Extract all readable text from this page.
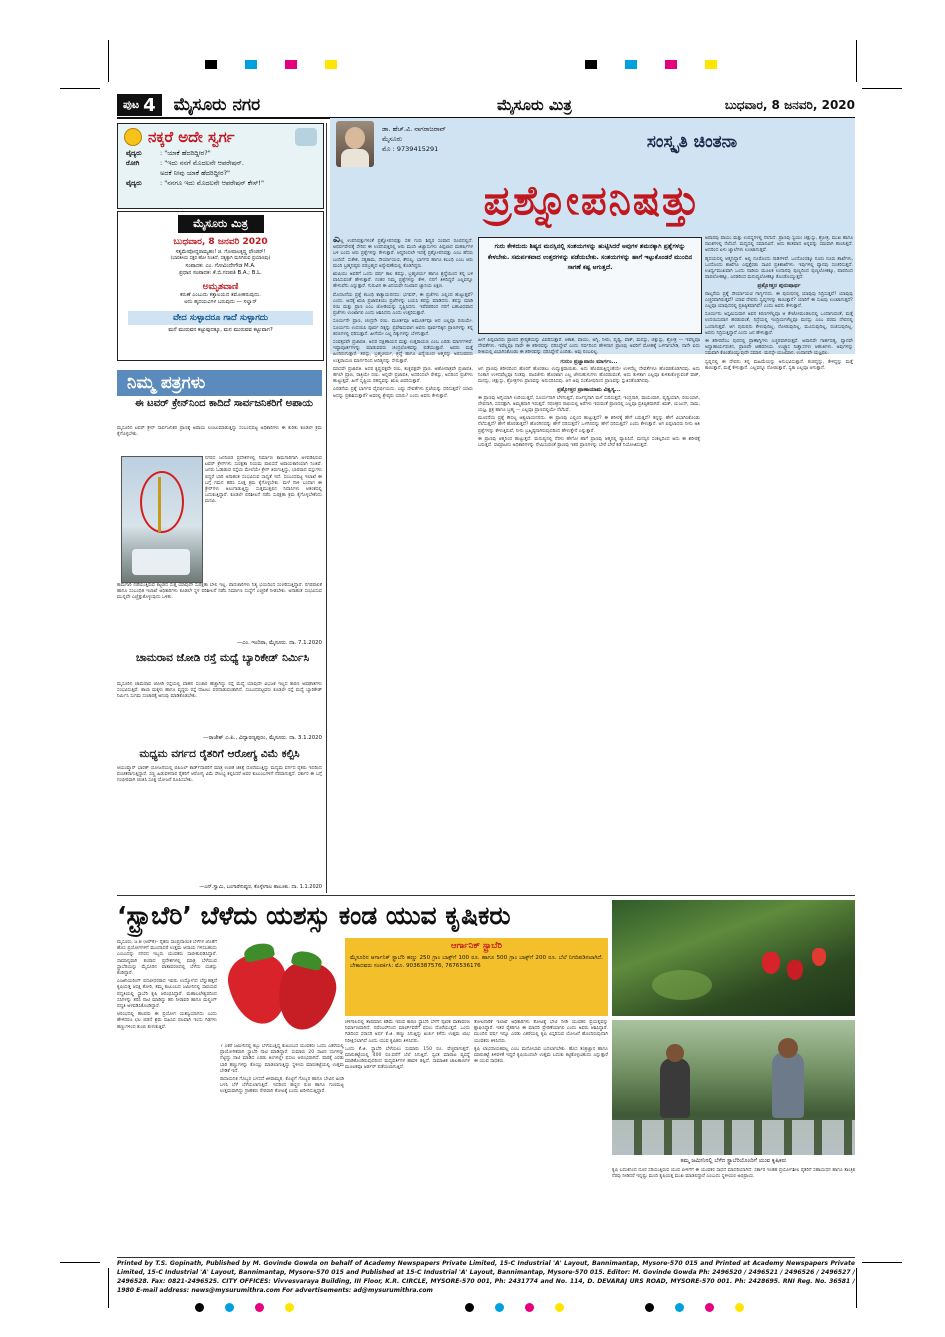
ಪುಟ 4 ಮೈಸೂರು ನಗರ	ಮೈಸೂರು ಮಿತ್ರ	ಬುಧವಾರ, 8 ಜನವರಿ, 2020
ನಕ್ಕರೆ ಅದೇ ಸ್ವರ್ಗ
ವೈದ್ಯರು	: "ಯಾಕೆ ಹೆದರಿದ್ದೀರ?"
ರೋಗಿ	: "ಇದು ನನಗೆ ಮೊದಲನೇ ಆಪರೇಷನ್.
ಅದಕೆ ನೀವು ಯಾಕೆ ಹೆದರಿದ್ದೀರ?"
ವೈದ್ಯರು	: "ನನಗೂ ಇದು ಮೊದಲನೇ ಆಪರೇಷನ್ ಕೇಸ್!"
ಮೈಸೂರು ಮಿತ್ರ
ಬುಧವಾರ, 8 ಜನವರಿ 2020
ಸತ್ಯಮೇವೋದ್ಧರಾಮ್ಯಹಂ! ಜಿ. ಗೋಪಾಲಕೃಷ್ಣ ಫೌಂಡರ್!
(ಭಾರತೀಯ ಸಕ್ತರ ಹೋ ನಿಂತಿದೆ, ಸತ್ಯಕ್ಕಾಗಿ ಮನಿಗಿರುವ ಪ್ರಯಾಣವು)
ಸಂಪಾದಕ: ಎಂ. ಗೋವಿಂದೇಗೌಡ M.A.
ಪ್ರಧಾನ ಸಂಪಾದಕ: ಕೆ.ಬಿ.ಗಣಪತಿ B.A.; B.L.
ಅಮೃತವಾಣಿ
ಕರುಣೆ ಎಂಬುದು ಕತ್ತಾಲಯದ ತಮೋಹರುವುದು.
ಅದು ಹೃದಯವಿಗಳ ಬರುವುದು — ಸಲ್ವಾನ್
ವೇದ ಸುಳ್ಳಾದರೂ ಗಾದೆ ಸುಳ್ಳಾಗದು
ಮನೆ ಮುರುವನ ಕಟ್ಟುವುದಕ್ಕೂ, ಮನ ಮುರುವವ ಕಟ್ಟುವಾಗ?
ನಿಮ್ಮ ಪತ್ರಗಳು
ಈ ಟವರ್ ಕ್ರೇನ್‌ನಿಂದ ಕಾದಿದೆ ಸಾರ್ವಜನಿಕರಿಗೆ ಅಪಾಯ

ಮೈಸೂರಿನ ಟವರ್ ಕ್ರೇನ್ ಸಾರ್ವಜನಿಕರ ಪ್ರಾಣಕ್ಕೆ ಅಪಾಯ ಉಂಟುಮಾಡುತ್ತಿದ್ದು ಸಂಬಂಧಪಟ್ಟ ಅಧಿಕಾರಿಗಳು ಈ ಕುರಿತು ಕೂಡಲೇ ಕ್ರಮ ಕೈಗೊಳ್ಳಬೇಕು.

ನಗರದ ಜನನಿಬಿಡ ಪ್ರದೇಶಗಳಲ್ಲಿ ನಿರ್ಮಾಣ ಕಾಮಗಾರಿಗಾಗಿ ಅಳವಡಿಸಿರುವ ಟವರ್ ಕ್ರೇನ್‌ಗಳು ಸುರಕ್ಷತಾ ನಿಯಮ ಪಾಲಿಸದೆ ಅಪಾಯಕಾರಿಯಾಗಿ ನಿಂತಿವೆ. ಜನರು ಓಡಾಡುವ ರಸ್ತೆಯ ಮೇಲೆಯೇ ಕ್ರೇನ್ ತಿರುಗುತ್ತಿದ್ದು, ಭಾರವಾದ ವಸ್ತುಗಳು ಬಿದ್ದರೆ ಭಾರಿ ಅನಾಹುತ ಸಂಭವಿಸುವ ಸಾಧ್ಯತೆ ಇದೆ. ಸಂಬಂಧಪಟ್ಟ ಇಲಾಖೆ ಈ ಬಗ್ಗೆ ಗಮನ ಹರಿಸಿ ಸೂಕ್ತ ಕ್ರಮ ಕೈಗೊಳ್ಳಬೇಕು. ಮಳೆ ಗಾಳಿ ಬಂದಾಗ ಈ ಕ್ರೇನ್‌ಗಳು ಅಲುಗಾಡುತ್ತಿದ್ದು ಸುತ್ತಮುತ್ತಲಿನ ನಿವಾಸಿಗಳು ಆತಂಕದಲ್ಲಿ ಬದುಕುತ್ತಿದ್ದಾರೆ. ಕೂಡಲೇ ಪರಿಶೀಲನೆ ನಡೆಸಿ ಸುರಕ್ಷತಾ ಕ್ರಮ ಕೈಗೊಳ್ಳಬೇಕೆಂದು ಮನವಿ.

ಕಾಮಗಾರಿ ನಡೆಯುತ್ತಿರುವ ಕಟ್ಟಡದ ಸುತ್ತ ಯಾವುದೇ ಸುರಕ್ಷತಾ ಬೇಲಿ ಇಲ್ಲ. ಪಾದಚಾರಿಗಳು ನಿತ್ಯ ಭಯದಿಂದ ಸಂಚರಿಸುತ್ತಿದ್ದಾರೆ. ನಗರಪಾಲಿಕೆ ಹಾಗೂ ಸಂಬಂಧಿತ ಇಲಾಖೆ ಅಧಿಕಾರಿಗಳು ಕೂಡಲೇ ಸ್ಥಳ ಪರಿಶೀಲನೆ ನಡೆಸಿ ನಿರ್ಮಾಣ ಸಂಸ್ಥೆಗೆ ಎಚ್ಚರಿಕೆ ನೀಡಬೇಕು. ಅನಾಹುತ ಸಂಭವಿಸುವ ಮುನ್ನವೇ ಎಚ್ಚೆತ್ತುಕೊಳ್ಳುವುದು ಒಳಿತು.

—ಎಂ. ಇಂದಿರಾ, ಮೈಸೂರು. ದಾ. 7.1.2020
ಚಾಮರಾವ ಜೋಡಿ ರಸ್ತೆ ಮಧ್ಯೆ ಬ್ಯಾರಿಕೇಡ್ ನಿರ್ಮಿಸಿ

ಮೈಸೂರಿನ ಚಾಮರಾವ ಜೋಡಿ ರಸ್ತೆಯಲ್ಲಿ ವಾಹನ ಸಂಚಾರ ಹೆಚ್ಚಾಗಿದ್ದು ರಸ್ತೆ ಮಧ್ಯೆ ಯಾವುದೇ ವಿಭಜಕ ಇಲ್ಲದ ಕಾರಣ ಅಪಘಾತಗಳು ಸಂಭವಿಸುತ್ತಿವೆ. ಶಾಲಾ ಮಕ್ಕಳು ಹಾಗೂ ವೃದ್ಧರು ರಸ್ತೆ ದಾಟಲು ಪರದಾಡುವಂತಾಗಿದೆ. ಸಂಬಂಧಪಟ್ಟವರು ಕೂಡಲೇ ರಸ್ತೆ ಮಧ್ಯೆ ಬ್ಯಾರಿಕೇಡ್ ನಿರ್ಮಿಸಿ ಸುಗಮ ಸಂಚಾರಕ್ಕೆ ಅನುವು ಮಾಡಿಕೊಡಬೇಕು.

—ರಾಜೇಶ್ ಎ.ಪಿ., ವಿದ್ಯಾರಣ್ಯಪುರಂ, ಮೈಸೂರು. ದಾ. 3.1.2020
ಮಧ್ಯಮ ವರ್ಗದ ರೈತರಿಗೆ ಆರೋಗ್ಯ ವಿಮೆ ಕಲ್ಪಿಸಿ

ಆಯುಷ್ಮಾನ್ ಭಾರತ್ ಯೋಜನೆಯಲ್ಲಿ ಬಿಪಿಎಲ್ ಕಾರ್ಡ್‌ದಾರರಿಗೆ ಮಾತ್ರ ಉಚಿತ ಚಿಕಿತ್ಸೆ ದೊರೆಯುತ್ತಿದ್ದು ಮಧ್ಯಮ ವರ್ಗದ ರೈತರು ಇದರಿಂದ ವಂಚಿತರಾಗುತ್ತಿದ್ದಾರೆ. ಸಣ್ಣ ಹಿಡುವಳಿದಾರ ರೈತರಿಗೆ ಆರೋಗ್ಯ ವಿಮೆ ಸೌಲಭ್ಯ ಕಲ್ಪಿಸಿದರೆ ಅವರ ಕುಟುಂಬಗಳಿಗೆ ನೆರವಾಗುತ್ತದೆ. ಸರ್ಕಾರ ಈ ಬಗ್ಗೆ ಗಂಭೀರವಾಗಿ ಚಿಂತಿಸಿ ಸೂಕ್ತ ಯೋಜನೆ ರೂಪಿಸಬೇಕು.

—ಎನ್.ಸ್ವಾಮಿ, ಬಂಗಾರೇನಿಪ್ಪುರ, ಕೊಳ್ಳೇಗಾಲ ತಾಲೂಕು. ದಾ. 1.1.2020
ಡಾ. ಹೆಚ್.ವಿ. ನಾಗರಾಜರಾವ್
ಮೈಸೂರು
ಮೊ : 9739415291	ಸಂಸ್ಕೃತಿ ಚಿಂತನಾ
ಪ್ರಶ್ನೋಪನಿಷತ್ತು

ಎಲ್ಲ ಉಪನಿಷತ್ತುಗಳಂತೆ ಪ್ರಶ್ನೋಪನಿಷತ್ತು ಸಹ ಗುರು ಶಿಷ್ಯರ ಸಂವಾದ ರೂಪದಲ್ಲಿದೆ. ಅಥರ್ವವೇದಕ್ಕೆ ಸೇರಿದ ಈ ಉಪನಿಷತ್ತಿನಲ್ಲಿ ಆರು ಮಂದಿ ಜಿಜ್ಞಾಸುಗಳು ಪಿಪ್ಪಲಾದ ಮಹರ್ಷಿಗಳ ಬಳಿ ಬಂದು ಆರು ಪ್ರಶ್ನೆಗಳನ್ನು ಕೇಳುತ್ತಾರೆ. ಆದ್ದರಿಂದಲೇ ಇದಕ್ಕೆ ಪ್ರಶ್ನೋಪನಿಷತ್ತು ಎಂಬ ಹೆಸರು ಬಂದಿದೆ. ಸುಕೇಶ, ಸತ್ಯಕಾಮ, ಸೌರ್ಯಾಯಣಿ, ಕೌಸಲ್ಯ, ಭಾರ್ಗವ ಹಾಗೂ ಕಬಂಧಿ ಎಂಬ ಆರು ಮಂದಿ ಬ್ರಹ್ಮನಿಷ್ಠರು ಪರಬ್ರಹ್ಮದ ಅನ್ವೇಷಣೆಯಲ್ಲಿ ತೊಡಗಿದ್ದರು.

ಋಷಿಯು ಅವರಿಗೆ ಒಂದು ವರ್ಷ ಕಾಲ ತಪಸ್ಸು, ಬ್ರಹ್ಮಚರ್ಯ ಹಾಗೂ ಶ್ರದ್ಧೆಯಿಂದ ತನ್ನ ಬಳಿ ವಾಸಿಸುವಂತೆ ಹೇಳುತ್ತಾರೆ. ನಂತರ ನಿಮ್ಮ ಪ್ರಶ್ನೆಗಳನ್ನು ಕೇಳಿ, ನನಗೆ ತಿಳಿದಿದ್ದರೆ ಎಲ್ಲವನ್ನೂ ಹೇಳುವೆನು ಎನ್ನುತ್ತಾರೆ. ಗುರುವಿನ ಈ ವಿನಯವೇ ನಿಜವಾದ ಜ್ಞಾನಿಯ ಲಕ್ಷಣ.

ಮೊದಲನೆಯ ಪ್ರಶ್ನೆ ಕಬಂಧಿ ಕಾತ್ಯಾಯನನದು: ಭಗವನ್, ಈ ಪ್ರಜೆಗಳು ಎಲ್ಲಿಂದ ಹುಟ್ಟುತ್ತವೆ? ಎಂದು. ಅದಕ್ಕೆ ಋಷಿ ಪ್ರಜಾಪತಿಯು ಪ್ರಜೆಗಳನ್ನು ಬಯಸಿ ತಪಸ್ಸು ಮಾಡಿದನು. ತಪಸ್ಸು ಮಾಡಿ ರಯಿ ಮತ್ತು ಪ್ರಾಣ ಎಂಬ ಜೋಡಿಯನ್ನು ಸೃಷ್ಟಿಸಿದನು. ಇವೆರಡರಿಂದ ನನಗೆ ಬಹುವಿಧವಾದ ಪ್ರಜೆಗಳು ಉಂಟಾಗಲಿ ಎಂದು ಆಶಿಸಿದನು ಎಂದು ಉತ್ತರಿಸುತ್ತಾರೆ.

ಸೂರ್ಯನೇ ಪ್ರಾಣ, ಚಂದ್ರನೇ ರಯಿ. ಮೂರ್ತವೂ ಅಮೂರ್ತವೂ ಆದ ಎಲ್ಲವೂ ರಯಿಯೇ. ಸೂರ್ಯನು ಉದಯಿಸಿ ಪೂರ್ವ ದಿಕ್ಕನ್ನು ಪ್ರವೇಶಿಸುವಾಗ ಅವನು ಪೂರ್ವದಿಕ್ಕಿನ ಪ್ರಾಣಗಳನ್ನು ತನ್ನ ಕಿರಣಗಳಲ್ಲಿ ಧರಿಸುತ್ತಾನೆ. ಹೀಗೆಯೇ ಎಲ್ಲ ದಿಕ್ಕುಗಳನ್ನು ಬೆಳಗುತ್ತಾನೆ.

ಸಂವತ್ಸರವೇ ಪ್ರಜಾಪತಿ. ಅದರ ದಕ್ಷಿಣಾಯನ ಮತ್ತು ಉತ್ತರಾಯಣ ಎಂಬ ಎರಡು ಮಾರ್ಗಗಳಿವೆ. ಇಷ್ಟಾಪೂರ್ತಗಳನ್ನು ಮಾಡುವವರು ಚಂದ್ರಲೋಕವನ್ನು ಪಡೆಯುತ್ತಾರೆ. ಅವರು ಮತ್ತೆ ಹಿಂದಿರುಗುತ್ತಾರೆ. ತಪಸ್ಸು, ಬ್ರಹ್ಮಚರ್ಯ, ಶ್ರದ್ಧೆ ಹಾಗೂ ವಿದ್ಯೆಯಿಂದ ಆತ್ಮನನ್ನು ಅರಸುವವರು ಉತ್ತರಾಯಣ ಮಾರ್ಗದಿಂದ ಆದಿತ್ಯನನ್ನು ಸೇರುತ್ತಾರೆ.

ಮಾಸವೇ ಪ್ರಜಾಪತಿ. ಅದರ ಕೃಷ್ಣಪಕ್ಷವೇ ರಯಿ, ಶುಕ್ಲಪಕ್ಷವೇ ಪ್ರಾಣ. ಅಹೋರಾತ್ರವೇ ಪ್ರಜಾಪತಿ, ಹಗಲೇ ಪ್ರಾಣ, ರಾತ್ರಿಯೇ ರಯಿ. ಅನ್ನವೇ ಪ್ರಜಾಪತಿ, ಅದರಿಂದಲೇ ರೇತಸ್ಸು, ಅದರಿಂದ ಪ್ರಜೆಗಳು ಹುಟ್ಟುತ್ತವೆ. ಹೀಗೆ ಸೃಷ್ಟಿಯ ರಹಸ್ಯವನ್ನು ಋಷಿ ವಿವರಿಸುತ್ತಾರೆ.

ಎರಡನೆಯ ಪ್ರಶ್ನೆ ಭಾರ್ಗವ ವೈದರ್ಭಿಯದು. ಎಷ್ಟು ದೇವತೆಗಳು ಪ್ರಜೆಯನ್ನು ಧರಿಸುತ್ತವೆ? ಯಾರು ಅದನ್ನು ಪ್ರಕಾಶಿಸುತ್ತಾರೆ? ಅವರಲ್ಲಿ ಶ್ರೇಷ್ಠರು ಯಾರು? ಎಂದು ಅವನು ಕೇಳುತ್ತಾನೆ.

ಗುರು ಕೇಳಿದುದು ಶಿಷ್ಯನ ಮನಸ್ಸಿನಲ್ಲಿ ಸಂಶಯಗಳನ್ನು ಹುಟ್ಟಿಸಿದರೆ ಅವುಗಳ ಶಮನಕ್ಕಾಗಿ ಪ್ರಶ್ನೆಗಳನ್ನು ಕೇಳಬೇಕು. ಸಮರ್ಪಕವಾದ ಉತ್ತರಗಳನ್ನು ಪಡೆಯಬೇಕು. ಸಂಶಯಗಳನ್ನು ಹಾಗೆ ಇಟ್ಟುಕೊಂಡರೆ ಮುಂದಿನ ಸಾಗಣೆ ಕಷ್ಟ ಆಗುತ್ತದೆ.

ಹೀಗೆ ಪಿಪ್ಪಲಾದರು ಪ್ರಾಣದ ಶ್ರೇಷ್ಠತೆಯನ್ನು ವಿವರಿಸುತ್ತಾರೆ. ಆಕಾಶ, ವಾಯು, ಅಗ್ನಿ, ನೀರು, ಪೃಥ್ವಿ, ವಾಕ್, ಮನಸ್ಸು, ಚಕ್ಷುಸ್ಸು, ಶ್ರೋತ್ರ — ಇವೆಲ್ಲವೂ ದೇವತೆಗಳು. ಇವೆಲ್ಲವೂ ನಾವೇ ಈ ಶರೀರವನ್ನು ಧರಿಸಿದ್ದೇವೆ ಎಂದು ಗರ್ವದಿಂದ ಹೇಳಿದಾಗ ಪ್ರಾಣವು ಅವರಿಗೆ ಮೋಹಕ್ಕೆ ಒಳಗಾಗಬೇಡಿ, ನಾನೇ ಐದು ರೀತಿಯಲ್ಲಿ ವಿಭಾಗಿಸಿಕೊಂಡು ಈ ಶರೀರವನ್ನು ಧರಿಸಿದ್ದೇನೆ ಎಂದಿತು. ಅವು ನಂಬಲಿಲ್ಲ.

ಗುರುಂ ಪ್ರಜ್ಞಾಪಾರಂ ಮಾರ್ಗಂ...

ಆಗ ಪ್ರಾಣವು ಶರೀರದಿಂದ ಹೊರಗೆ ಹೊರಡಲು ಉದ್ಯುಕ್ತವಾಯಿತು. ಅದು ಹೊರಡುತ್ತಿದ್ದಂತೆಯೇ ಉಳಿದೆಲ್ಲ ದೇವತೆಗಳೂ ಹೊರಡತೊಡಗಿದವು. ಅದು ನಿಂತಾಗ ಉಳಿದವೆಲ್ಲವೂ ನಿಂತವು. ರಾಣಿಜೇನು ಹೊರಟಾಗ ಎಲ್ಲ ಜೇನುಹುಳುಗಳು ಹೊರಡುವಂತೆ, ಅದು ಕುಳಿತಾಗ ಎಲ್ಲವೂ ಕುಳಿತುಕೊಳ್ಳುವಂತೆ ವಾಕ್, ಮನಸ್ಸು, ಚಕ್ಷುಸ್ಸು, ಶ್ರೋತ್ರಗಳು ಪ್ರಾಣವನ್ನು ಅನುಸರಿಸಿದವು. ಆಗ ಅವು ಸಂತೋಷದಿಂದ ಪ್ರಾಣವನ್ನು ಸ್ತುತಿಸತೊಡಗಿದವು.

ಪ್ರಶ್ನೋತ್ತರ ಪ್ರಾಣಾಯಾಮ ವಿಶ್ವಸ್ಯ...

ಈ ಪ್ರಾಣವು ಅಗ್ನಿಯಾಗಿ ಉರಿಯುತ್ತದೆ, ಸೂರ್ಯನಾಗಿ ಬೆಳಗುತ್ತದೆ, ಪರ್ಜನ್ಯನಾಗಿ ಮಳೆ ಸುರಿಸುತ್ತದೆ, ಇಂದ್ರನಾಗಿ, ವಾಯುವಾಗಿ, ಪೃಥ್ವಿಯಾಗಿ, ರಯಿಯಾಗಿ, ದೇವನಾಗಿ, ಸದಸತ್ತಾಗಿ, ಅಮೃತವಾಗಿ ಇರುತ್ತದೆ. ರಥಚಕ್ರದ ನಾಭಿಯಲ್ಲಿ ಅರೆಗಳು ಇರುವಂತೆ ಪ್ರಾಣದಲ್ಲಿ ಎಲ್ಲವೂ ಪ್ರತಿಷ್ಠಿತವಾಗಿವೆ. ಋಕ್, ಯಜುಸ್, ಸಾಮ, ಯಜ್ಞ, ಕ್ಷತ್ರ ಹಾಗೂ ಬ್ರಹ್ಮ — ಎಲ್ಲವೂ ಪ್ರಾಣದಲ್ಲಿಯೇ ನೆಲೆಸಿವೆ.

ಮೂರನೆಯ ಪ್ರಶ್ನೆ ಕೌಸಲ್ಯ ಆಶ್ವಲಾಯನನದು. ಈ ಪ್ರಾಣವು ಎಲ್ಲಿಂದ ಹುಟ್ಟುತ್ತದೆ? ಈ ಶರೀರಕ್ಕೆ ಹೇಗೆ ಬರುತ್ತದೆ? ತನ್ನನ್ನು ಹೇಗೆ ವಿಭಾಗಿಸಿಕೊಂಡು ನೆಲೆಸುತ್ತದೆ? ಹೇಗೆ ಹೊರಡುತ್ತದೆ? ಹೊರಗಿನದನ್ನು ಹೇಗೆ ಧರಿಸುತ್ತದೆ? ಒಳಗಿನದನ್ನು ಹೇಗೆ ಧರಿಸುತ್ತದೆ? ಎಂದು ಕೇಳುತ್ತಾನೆ. ಆಗ ಪಿಪ್ಪಲಾದರು ನೀನು ಅತಿ ಪ್ರಶ್ನೆಗಳನ್ನು ಕೇಳುತ್ತಿರುವೆ, ನೀನು ಬ್ರಹ್ಮಿಷ್ಠನಾಗಿರುವುದರಿಂದ ಹೇಳುತ್ತೇನೆ ಎನ್ನುತ್ತಾರೆ.

ಈ ಪ್ರಾಣವು ಆತ್ಮನಿಂದ ಹುಟ್ಟುತ್ತದೆ. ಮನುಷ್ಯನಲ್ಲಿ ನೆರಳು ಹೇಗೋ ಹಾಗೆ ಪ್ರಾಣವು ಆತ್ಮನಲ್ಲಿ ವ್ಯಾಪಿಸಿದೆ. ಮನಸ್ಸಿನ ಸಂಕಲ್ಪದಿಂದ ಅದು ಈ ಶರೀರಕ್ಕೆ ಬರುತ್ತದೆ. ಸಾಮ್ರಾಟನು ಅಧಿಕಾರಿಗಳನ್ನು ನೇಮಿಸುವಂತೆ ಪ್ರಾಣವು ಇತರ ಪ್ರಾಣಗಳನ್ನು ಬೇರೆ ಬೇರೆ ಕಡೆ ನಿಯೋಜಿಸುತ್ತದೆ.

ಅಪಾನವು ಪಾಯು ಮತ್ತು ಉಪಸ್ಥಗಳಲ್ಲಿ ನೆಲೆಸಿದೆ. ಪ್ರಾಣವು ಸ್ವಯಂ ಚಕ್ಷುಸ್ಸು, ಶ್ರೋತ್ರ, ಮುಖ ಹಾಗೂ ನಾಸಿಕಗಳಲ್ಲಿ ನೆಲೆಸಿದೆ. ಮಧ್ಯದಲ್ಲಿ ಸಮಾನವಿದೆ. ಅದು ಹುತವಾದ ಅನ್ನವನ್ನು ಸಮವಾಗಿ ಹಂಚುತ್ತದೆ. ಅದರಿಂದ ಏಳು ಜ್ವಾಲೆಗಳು ಉಂಟಾಗುತ್ತವೆ.

ಹೃದಯದಲ್ಲಿ ಆತ್ಮನಿದ್ದಾನೆ. ಅಲ್ಲಿ ನೂರೊಂದು ನಾಡಿಗಳಿವೆ. ಒಂದೊಂದಕ್ಕೂ ನೂರು ನೂರು ಶಾಖೆಗಳು, ಒಂದೊಂದು ಶಾಖೆಗೂ ಎಪ್ಪತ್ತೆರಡು ಸಾವಿರ ಪ್ರತಿಶಾಖೆಗಳು. ಇವುಗಳಲ್ಲಿ ವ್ಯಾನವು ಸಂಚರಿಸುತ್ತದೆ. ಊರ್ಧ್ವಮುಖವಾಗಿ ಒಂದು ನಾಡಿಯ ಮೂಲಕ ಉದಾನವು ಪುಣ್ಯದಿಂದ ಪುಣ್ಯಲೋಕಕ್ಕೂ, ಪಾಪದಿಂದ ಪಾಪಲೋಕಕ್ಕೂ, ಎರಡರಿಂದ ಮನುಷ್ಯಲೋಕಕ್ಕೂ ಕೊಂಡೊಯ್ಯುತ್ತದೆ.

ಪ್ರಶ್ನೋತ್ತರ ಪುರುಷಾರ್ಥ

ನಾಲ್ಕನೆಯ ಪ್ರಶ್ನೆ ಸೌರ್ಯಾಯಣಿ ಗಾರ್ಗ್ಯನದು. ಈ ಪುರುಷನಲ್ಲಿ ಯಾವುವು ನಿದ್ರಿಸುತ್ತವೆ? ಯಾವುವು ಎಚ್ಚರವಾಗಿರುತ್ತವೆ? ಯಾವ ದೇವನು ಸ್ವಪ್ನಗಳನ್ನು ಕಾಣುತ್ತಾನೆ? ಯಾರಿಗೆ ಈ ಸುಖವು ಉಂಟಾಗುತ್ತದೆ? ಎಲ್ಲವೂ ಯಾವುದರಲ್ಲಿ ಪ್ರತಿಷ್ಠಿತವಾಗಿವೆ? ಎಂದು ಅವನು ಕೇಳುತ್ತಾನೆ.

ಸೂರ್ಯನು ಅಸ್ತಮಿಸುವಾಗ ಅವನ ಕಿರಣಗಳೆಲ್ಲವೂ ಆ ತೇಜೋಮಂಡಲದಲ್ಲಿ ಒಂದಾಗುವಂತೆ, ಮತ್ತೆ ಉದಯಿಸುವಾಗ ಹರಡುವಂತೆ, ನಿದ್ರೆಯಲ್ಲಿ ಇಂದ್ರಿಯಗಳೆಲ್ಲವೂ ಮನಸ್ಸು ಎಂಬ ಪರಮ ದೇವನಲ್ಲಿ ಒಂದಾಗುತ್ತವೆ. ಆಗ ಪುರುಷನು ಕೇಳುವುದಿಲ್ಲ, ನೋಡುವುದಿಲ್ಲ, ಮೂಸುವುದಿಲ್ಲ, ರುಚಿಸುವುದಿಲ್ಲ. ಅವನು ನಿದ್ರಿಸುತ್ತಿದ್ದಾನೆ ಎಂದು ಜನ ಹೇಳುತ್ತಾರೆ.

ಈ ಶರೀರವೆಂಬ ಪುರದಲ್ಲಿ ಪ್ರಾಣಾಗ್ನಿಗಳು ಎಚ್ಚರವಾಗಿರುತ್ತವೆ. ಅಪಾನವೇ ಗಾರ್ಹಪತ್ಯ, ವ್ಯಾನವೇ ಅನ್ವಾಹಾರ್ಯಪಚನ, ಪ್ರಾಣವೇ ಆಹವನೀಯ. ಉಚ್ಛ್ವಾಸ ನಿಃಶ್ವಾಸಗಳು ಆಹುತಿಗಳು. ಅವುಗಳನ್ನು ಸಮವಾಗಿ ಕೊಂಡೊಯ್ಯುವುದೇ ಸಮಾನ. ಮನಸ್ಸೇ ಯಜಮಾನ, ಉದಾನವೇ ಯಜ್ಞಫಲ.

ಸ್ವಪ್ನದಲ್ಲಿ ಈ ದೇವನು ತನ್ನ ಮಹಿಮೆಯನ್ನು ಅನುಭವಿಸುತ್ತಾನೆ. ಕಂಡದ್ದನ್ನು, ಕೇಳಿದ್ದನ್ನು ಮತ್ತೆ ಕಾಣುತ್ತಾನೆ, ಮತ್ತೆ ಕೇಳುತ್ತಾನೆ. ಎಲ್ಲವನ್ನೂ ನೋಡುತ್ತಾನೆ, ಸ್ವತಃ ಎಲ್ಲವೂ ಆಗುತ್ತಾನೆ.

‘ಸ್ಟ್ರಾಬೆರಿ’ ಬೆಳೆದು ಯಶಸ್ಸು ಕಂಡ ಯುವ ಕೃಷಿಕರು

ಮೈಸೂರು, ಜ.8 (ಆರ್‌ಕೆ)– ರೈತರು ಸಾಂಪ್ರದಾಯಿಕ ಬೆಳೆಗಳ ಜೊತೆಗೆ ಹೊಸ ಪ್ರಯೋಗಗಳಿಗೆ ಮುಂದಾದರೆ ಉತ್ತಮ ಆದಾಯ ಗಳಿಸಬಹುದು ಎಂಬುದನ್ನು ನಗರದ ಇಬ್ಬರು ಯುವಕರು ಸಾಬೀತುಪಡಿಸಿದ್ದಾರೆ. ಸಾಮಾನ್ಯವಾಗಿ ತಂಪಾದ ಪ್ರದೇಶಗಳಲ್ಲಿ ಮಾತ್ರ ಬೆಳೆಯುವ ಸ್ಟ್ರಾಬೆರಿಯನ್ನು ಮೈಸೂರಿನ ವಾತಾವರಣದಲ್ಲಿ ಬೆಳೆದು ಯಶಸ್ಸು ಕಂಡಿದ್ದಾರೆ.

ಎಂಜಿನಿಯರಿಂಗ್ ಪದವೀಧರರಾದ ಇವರು ಉದ್ಯೋಗದ ಬೆನ್ನುಹತ್ತದೆ ಕೃಷಿಯತ್ತ ಆಸಕ್ತಿ ತೋರಿ, ತಮ್ಮ ಕುಟುಂಬದ ಜಮೀನಿನಲ್ಲಿ ಸಾವಯವ ಪದ್ಧತಿಯಲ್ಲಿ ಸ್ಟ್ರಾಬೆರಿ ಕೃಷಿ ಆರಂಭಿಸಿದ್ದಾರೆ. ಮಹಾಬಲೇಶ್ವರದಿಂದ ಸಸಿಗಳನ್ನು ತರಿಸಿ ನಾಟಿ ಮಾಡಿದ್ದು ಹನಿ ನೀರಾವರಿ ಹಾಗೂ ಮಲ್ಚಿಂಗ್ ಪದ್ಧತಿ ಅಳವಡಿಸಿಕೊಂಡಿದ್ದಾರೆ.

ಆರಂಭದಲ್ಲಿ ಹಲವರು ಈ ಪ್ರಯೋಗ ಯಶಸ್ವಿಯಾಗದು ಎಂದು ಹೇಳಿದರೂ ಛಲ ಬಿಡದೆ ಶ್ರಮ ವಹಿಸಿದ ಫಲವಾಗಿ ಇಂದು ಗಿಡಗಳು ಹಣ್ಣುಗಳಿಂದ ತುಂಬಿ ತುಳುಕುತ್ತಿವೆ.

ಆರ್ಗಾನಿಕ್ ಸ್ಟ್ರಾಬೆರಿ
ಮೈಸೂರಿನ ಆರ್ಗಾನಿಕ್ ಸ್ಟ್ರಾಬೆರಿ ಹಣ್ಣು 250 ಗ್ರಾಂ ಬಾಕ್ಸ್‌ಗೆ 100 ರೂ. ಹಾಗೂ 500 ಗ್ರಾಂ ಬಾಕ್ಸ್‌ಗೆ 200 ರೂ. ಬೆಲೆ ನಿಗದಿಪಡಿಸಲಾಗಿದೆ. ಬೇಕಾದವರು ಸಂಪರ್ಕಿಸಿ: ಮೊ. 9036387576, 7676536176

7 ಎಕರೆ ಜಮೀನಿನಲ್ಲಿ ಕಬ್ಬು ಬೆಳೆಯುತ್ತಿದ್ದ ಕುಟುಂಬದ ಯುವಕರು ಒಂದು ಎಕರೆಯಲ್ಲಿ ಪ್ರಾಯೋಗಿಕವಾಗಿ ಸ್ಟ್ರಾಬೆರಿ ನಾಟಿ ಮಾಡಿದ್ದಾರೆ. ಸುಮಾರು 20 ಸಾವಿರ ಸಸಿಗಳನ್ನು ನೆಟ್ಟಿದ್ದು ನಾಟಿ ಮಾಡಿದ ಎರಡು ತಿಂಗಳಲ್ಲೇ ಫಸಲು ಆರಂಭವಾಗಿದೆ. ವಾರಕ್ಕೆ ಎರಡು ಬಾರಿ ಹಣ್ಣುಗಳನ್ನು ಕೊಯ್ಲು ಮಾಡಲಾಗುತ್ತಿದ್ದು ಸ್ಥಳೀಯ ಮಾರುಕಟ್ಟೆಯಲ್ಲಿ ಉತ್ತಮ ಬೇಡಿಕೆ ಇದೆ.

ರಾಸಾಯನಿಕ ಗೊಬ್ಬರ ಬಳಸದೆ ಜೀವಾಮೃತ, ಕೊಟ್ಟಿಗೆ ಗೊಬ್ಬರ ಹಾಗೂ ಬೇವಿನ ಹಿಂಡಿ ಬಳಸಿ ಬೆಳೆ ಬೆಳೆಯಲಾಗುತ್ತಿದೆ. ಇದರಿಂದ ಹಣ್ಣಿನ ರುಚಿ ಹಾಗೂ ಗುಣಮಟ್ಟ ಉತ್ತಮವಾಗಿದ್ದು ಗ್ರಾಹಕರು ನೇರವಾಗಿ ತೋಟಕ್ಕೆ ಬಂದು ಖರೀದಿಸುತ್ತಿದ್ದಾರೆ.

ಚಳಿಗಾಲದಲ್ಲಿ ತಾಪಮಾನ ಕಡಿಮೆ ಇರುವ ಕಾರಣ ಸ್ಟ್ರಾಬೆರಿ ಬೆಳೆಗೆ ಪೂರಕ ವಾತಾವರಣ ನಿರ್ಮಾಣವಾಗಿದೆ. ನವೆಂಬರ್‌ನಿಂದ ಮಾರ್ಚ್‌ವರೆಗೆ ಫಸಲು ದೊರೆಯುತ್ತದೆ. ಒಂದು ಗಿಡದಿಂದ ಸರಾಸರಿ ಅರ್ಧ ಕೆ.ಜಿ. ಹಣ್ಣು ಸಿಗುತ್ತಿದ್ದು ಖರ್ಚು ಕಳೆದು ಉತ್ತಮ ಲಾಭ ನಿರೀಕ್ಷಿಸಲಾಗಿದೆ ಎಂದು ಯುವ ಕೃಷಿಕರು ತಿಳಿಸಿದರು.

ಒಂದು ಕೆ.ಜಿ. ಸ್ಟ್ರಾಬೆರಿ ಬೆಳೆಯಲು ಸುಮಾರು 150 ರೂ. ವೆಚ್ಚವಾಗುತ್ತದೆ. ಮಾರುಕಟ್ಟೆಯಲ್ಲಿ 400 ರೂ.ವರೆಗೆ ಬೆಲೆ ಸಿಗುತ್ತಿದೆ. ಸ್ವಂತ ಮಾರಾಟ ವ್ಯವಸ್ಥೆ ಮಾಡಿಕೊಂಡಿರುವುದರಿಂದ ಮಧ್ಯವರ್ತಿಗಳ ಹಾವಳಿ ತಪ್ಪಿದೆ. ಸಾಮಾಜಿಕ ಜಾಲತಾಣಗಳ ಮೂಲಕವೂ ಆರ್ಡರ್ ಪಡೆಯಲಾಗುತ್ತಿದೆ.

ತೋಟಗಾರಿಕೆ ಇಲಾಖೆ ಅಧಿಕಾರಿಗಳು ತೋಟಕ್ಕೆ ಭೇಟಿ ನೀಡಿ ಯುವಕರ ಪ್ರಯತ್ನವನ್ನು ಶ್ಲಾಘಿಸಿದ್ದಾರೆ. ಇತರ ರೈತರಿಗೂ ಈ ಮಾದರಿ ಪ್ರೇರಣೆಯಾಗಲಿ ಎಂದು ಅವರು ಆಶಿಸಿದ್ದಾರೆ. ಮುಂದಿನ ವರ್ಷ ಇನ್ನೂ ಎರಡು ಎಕರೆಯಲ್ಲಿ ಕೃಷಿ ವಿಸ್ತರಿಸುವ ಯೋಜನೆ ಹೊಂದಿರುವುದಾಗಿ ಯುವಕರು ತಿಳಿಸಿದರು.

ಕೃಷಿ ಲಾಭದಾಯಕವಲ್ಲ ಎಂಬ ಮನೋಭಾವ ಬದಲಾಗಬೇಕು. ಹೊಸ ತಂತ್ರಜ್ಞಾನ ಹಾಗೂ ಮಾರುಕಟ್ಟೆ ತಿಳಿವಳಿಕೆ ಇದ್ದರೆ ಕೃಷಿಯಿಂದಲೇ ಉತ್ತಮ ಬದುಕು ಕಟ್ಟಿಕೊಳ್ಳಬಹುದು ಎನ್ನುತ್ತಾರೆ ಈ ಯುವ ಸಾಧಕರು.

ತಮ್ಮ ಜಮೀನಿನಲ್ಲಿ ಬೆಳೆದ ಸ್ಟ್ರಾಬೆರಿಯೊಂದಿಗೆ ಯುವ ಕೃಷಿಕರು

ಕೃಷಿ ಬದುಕಿನಿಂದ ದೂರ ಸರಿಯುತ್ತಿರುವ ಯುವ ಪೀಳಿಗೆಗೆ ಈ ಯುವಕರ ಸಾಧನೆ ಮಾದರಿಯಾಗಿದೆ. ಸರ್ಕಾರ ಇಂತಹ ಪ್ರಯೋಗಶೀಲ ರೈತರಿಗೆ ಸಹಾಯಧನ ಹಾಗೂ ತಾಂತ್ರಿಕ ನೆರವು ನೀಡಿದರೆ ಇನ್ನಷ್ಟು ಮಂದಿ ಕೃಷಿಯತ್ತ ಮುಖ ಮಾಡಲಿದ್ದಾರೆ ಎಂಬುದು ಸ್ಥಳೀಯರ ಅಭಿಪ್ರಾಯ.

Printed by T.S. Gopinath, Published by M. Govinde Gowda on behalf of Academy Newspapers Private Limited, 15-C Industrial 'A' Layout, Bannimantap, Mysore-570 015 and Printed at Academy Newspapers Private Limited, 15-C Industrial 'A' Layout, Bannimantap, Mysore-570 015 and Published at 15-C Industrial 'A' Layout, Bannimantap, Mysore-570 015. Editor: M. Govinde Gowda Ph: 2496520 / 2496521 / 2496526 / 2496527 / 2496528. Fax: 0821-2496525. CITY OFFICES: Vivvesvaraya Building, III Floor, K.R. CIRCLE, MYSORE-570 001, Ph: 2431774 and No. 114, D. DEVARAJ URS ROAD, MYSORE-570 001. Ph: 2428695. RNI Reg. No. 36581 / 1980 E-mail address: news@mysurumithra.com For advertisements: ad@mysurumithra.com
